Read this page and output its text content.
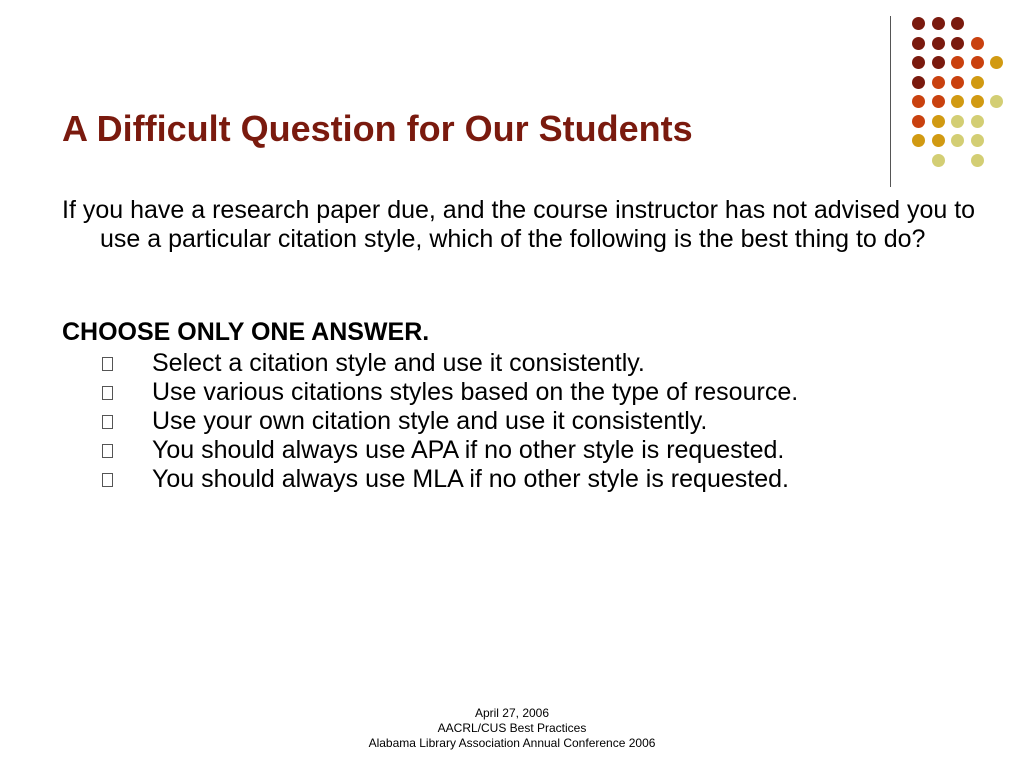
A Difficult Question for Our Students

If you have a research paper due, and the course instructor has not advised you to use a particular citation style, which of the following is the best thing to do?

CHOOSE ONLY ONE ANSWER.
Select a citation style and use it consistently.
Use various citations styles based on the type of resource.
Use your own citation style and use it consistently.
You should always use APA if no other style is requested.
You should always use MLA if no other style is requested.
April 27, 2006
AACRL/CUS Best Practices
Alabama Library Association Annual Conference 2006
